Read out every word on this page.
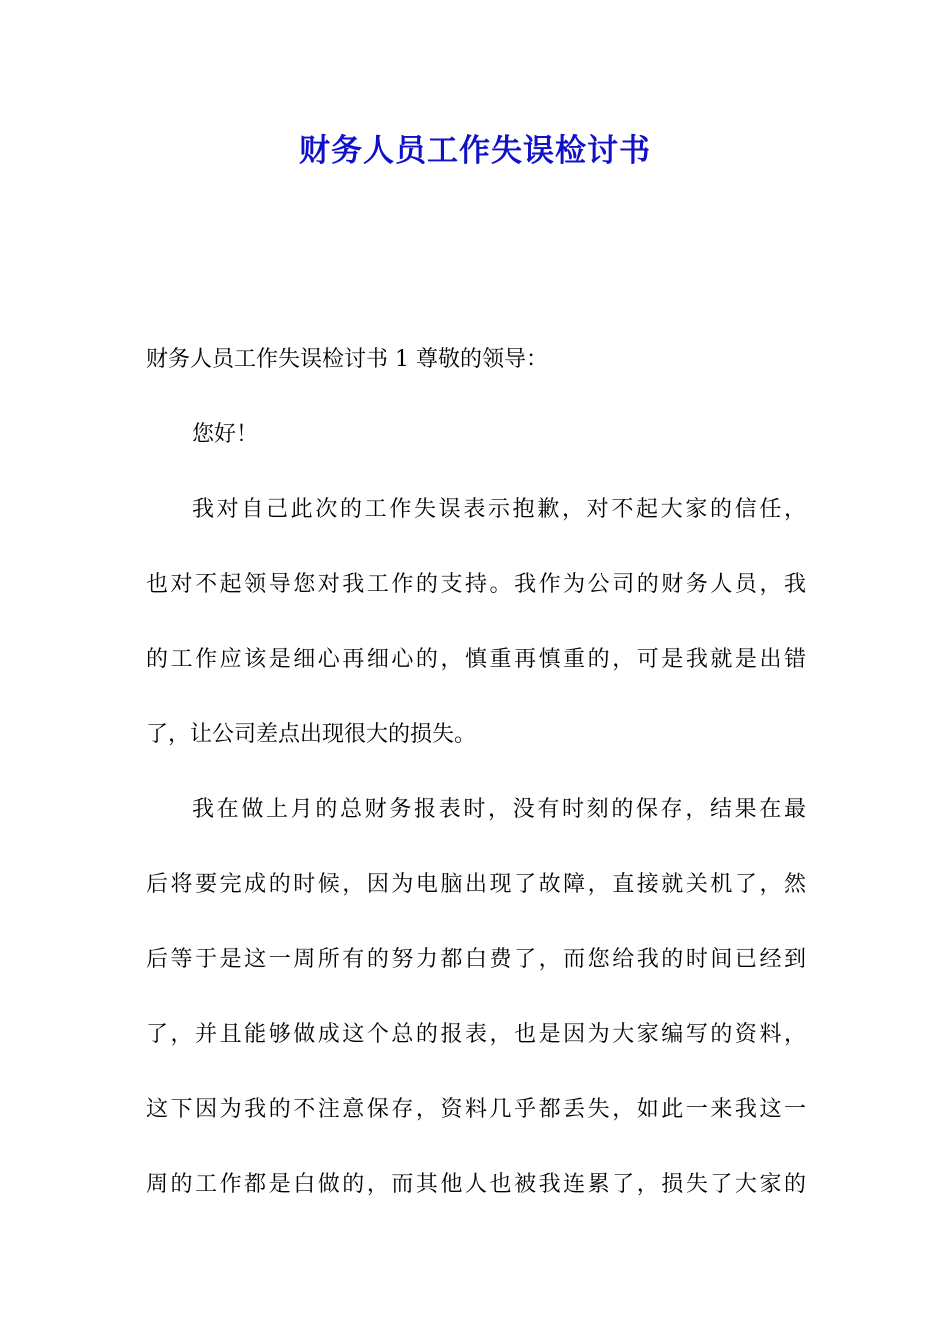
财务人员工作失误检讨书
财务人员工作失误检讨书 1 尊敬的领导：
您好！
我对自己此次的工作失误表示抱歉，对不起大家的信任，
也对不起领导您对我工作的支持。我作为公司的财务人员，我
的工作应该是细心再细心的，慎重再慎重的，可是我就是出错
了，让公司差点出现很大的损失。
我在做上月的总财务报表时，没有时刻的保存，结果在最
后将要完成的时候，因为电脑出现了故障，直接就关机了，然
后等于是这一周所有的努力都白费了，而您给我的时间已经到
了，并且能够做成这个总的报表，也是因为大家编写的资料，
这下因为我的不注意保存，资料几乎都丢失，如此一来我这一
周的工作都是白做的，而其他人也被我连累了，损失了大家的
